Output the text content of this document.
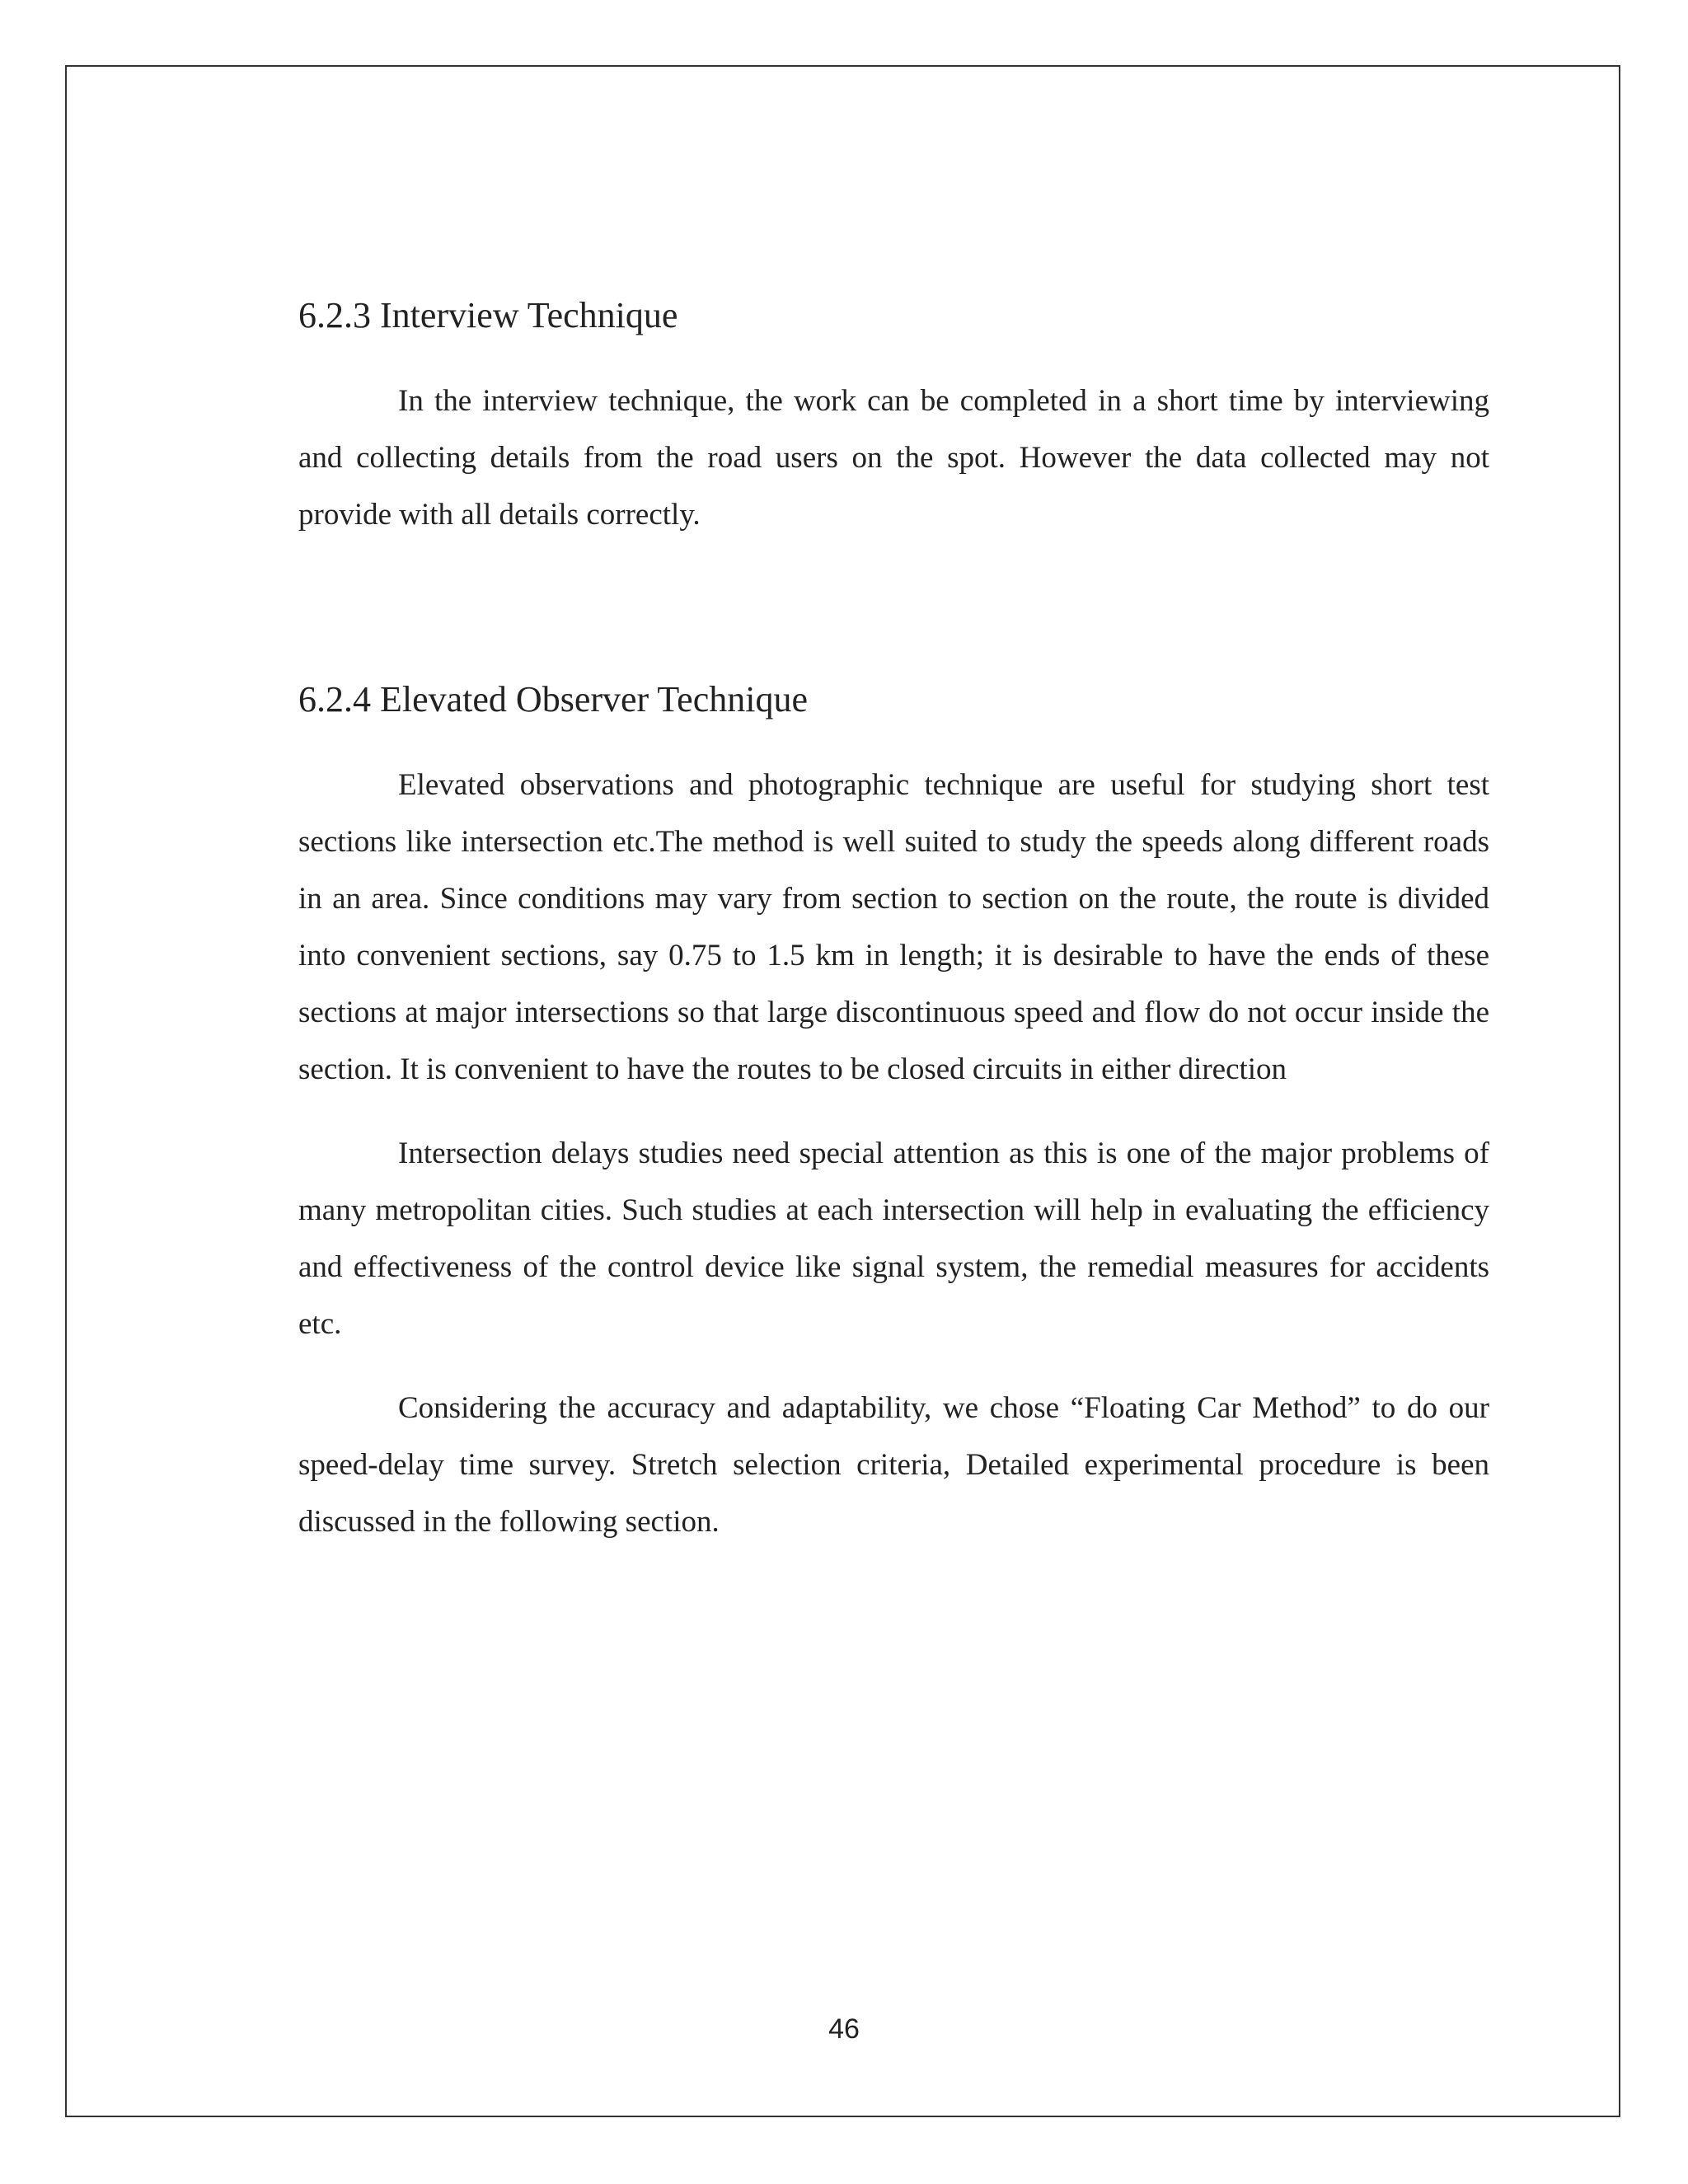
6.2.3 Interview Technique

In the interview technique, the work can be completed in a short time by interviewing and collecting details from the road users on the spot. However the data collected may not provide with all details correctly.

6.2.4 Elevated Observer Technique

Elevated observations and photographic technique are useful for studying short test sections like intersection etc.The method is well suited to study the speeds along different roads in an area. Since conditions may vary from section to section on the route, the route is divided into convenient sections, say 0.75 to 1.5 km in length; it is desirable to have the ends of these sections at major intersections so that large discontinuous speed and flow do not occur inside the section. It is convenient to have the routes to be closed circuits in either direction

Intersection delays studies need special attention as this is one of the major problems of many metropolitan cities. Such studies at each intersection will help in evaluating the efficiency and effectiveness of the control device like signal system, the remedial measures for accidents etc.

Considering the accuracy and adaptability, we chose “Floating Car Method” to do our speed-delay time survey. Stretch selection criteria, Detailed experimental procedure is been discussed in the following section.

46
